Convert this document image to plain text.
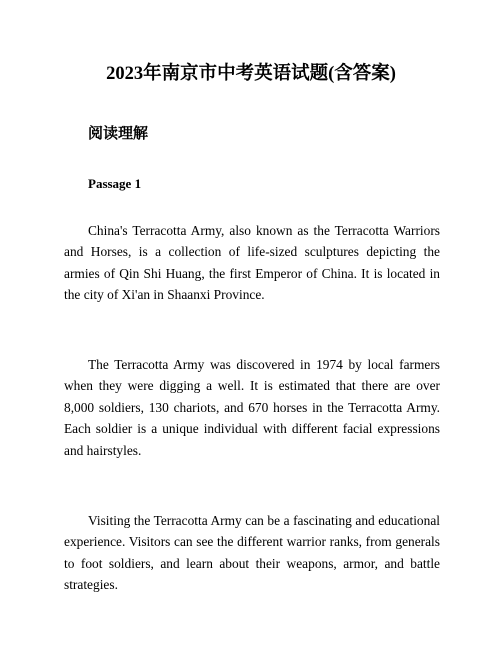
2023年南京市中考英语试题(含答案)
阅读理解
Passage 1

China's Terracotta Army, also known as the Terracotta Warriors and Horses, is a collection of life-sized sculptures depicting the armies of Qin Shi Huang, the first Emperor of China. It is located in the city of Xi'an in Shaanxi Province.

The Terracotta Army was discovered in 1974 by local farmers when they were digging a well. It is estimated that there are over 8,000 soldiers, 130 chariots, and 670 horses in the Terracotta Army. Each soldier is a unique individual with different facial expressions and hairstyles.

Visiting the Terracotta Army can be a fascinating and educational experience. Visitors can see the different warrior ranks, from generals to foot soldiers, and learn about their weapons, armor, and battle strategies.
